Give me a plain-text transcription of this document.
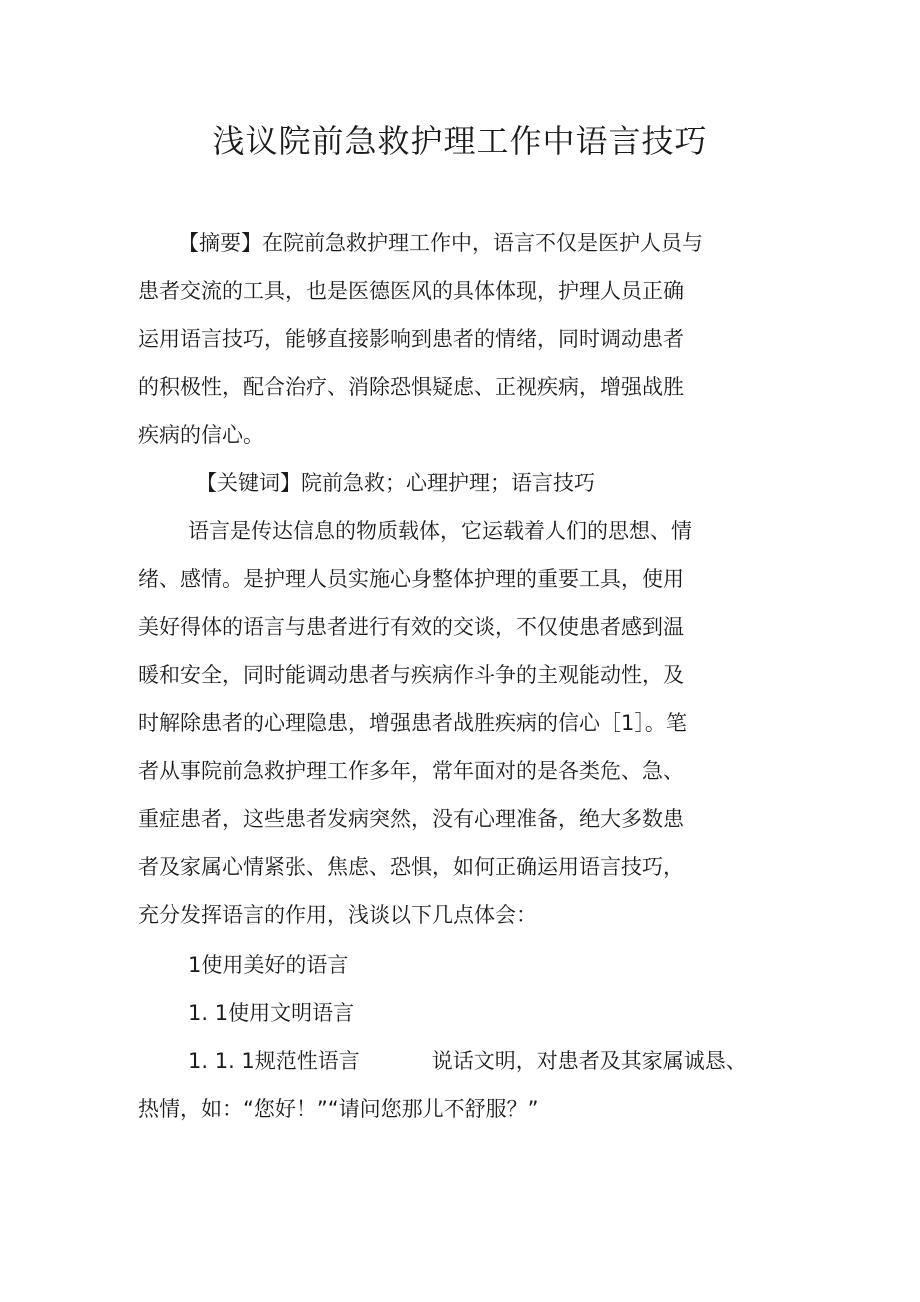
浅议院前急救护理工作中语言技巧

【摘要】在院前急救护理工作中，语言不仅是医护人员与

患者交流的工具，也是医德医风的具体体现，护理人员正确

运用语言技巧，能够直接影响到患者的情绪，同时调动患者

的积极性，配合治疗、消除恐惧疑虑、正视疾病，增强战胜

疾病的信心。

【关键词】院前急救；心理护理；语言技巧

语言是传达信息的物质载体，它运载着人们的思想、情

绪、感情。是护理人员实施心身整体护理的重要工具，使用

美好得体的语言与患者进行有效的交谈，不仅使患者感到温

暖和安全，同时能调动患者与疾病作斗争的主观能动性，及

时解除患者的心理隐患，增强患者战胜疾病的信心［1］。笔

者从事院前急救护理工作多年，常年面对的是各类危、急、

重症患者，这些患者发病突然，没有心理准备，绝大多数患

者及家属心情紧张、焦虑、恐惧，如何正确运用语言技巧，

充分发挥语言的作用，浅谈以下几点体会：

1使用美好的语言

1. 1使用文明语言

1. 1. 1规范性语言	说话文明，对患者及其家属诚恳、

热情，如：“您好！”“请问您那儿不舒服？”
